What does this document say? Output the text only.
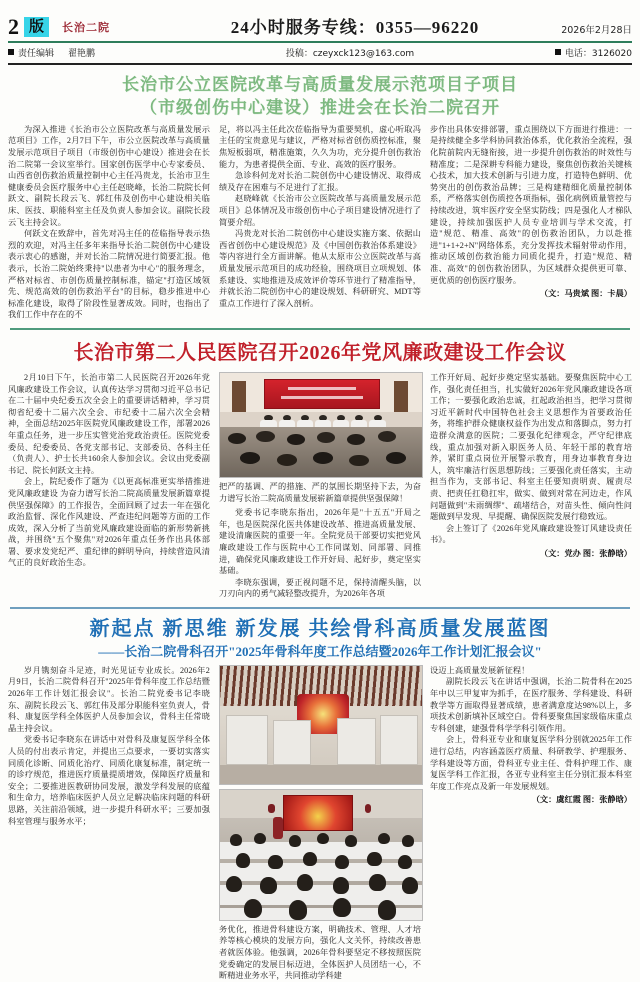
2 版	长治二院	24小时服务专线：0355—96220	2026年2月28日
责任编辑 翟艳鹏	投稿：czeyxck123@163.com	电话：3126020
长治市公立医院改革与高质量发展示范项目子项目
（市级创伤中心建设）推进会在长治二院召开

为深入推进《长治市公立医院改革与高质量发展示范项目》工作，2月7日下午，市公立医院改革与高质量发展示范项目子项目（市级创伤中心建设）推进会在长治二院第一会议室举行。国家创伤医学中心专家委员、山西省创伤救治质量控制中心主任冯贵龙，长治市卫生健康委员会医疗服务中心主任赵晓峰，长治二院院长何跃文、副院长段云飞、郭红伟及创伤中心建设相关临床、医技、职能科室主任及负责人参加会议。副院长段云飞主持会议。

何跃文在致辞中，首先对冯主任的莅临指导表示热烈的欢迎，对冯主任多年来指导长治二院创伤中心建设表示衷心的感谢，并对长治二院情况进行简要汇报。他表示，长治二院始终秉持"以患者为中心"的服务理念，严格对标省、市创伤质量控制标准，锚定"打造区域领先、规范高效的创伤救治平台"的目标，稳步推进中心标准化建设，取得了阶段性显著成效。同时，也指出了我们工作中存在的不

足，将以冯主任此次莅临指导为重要契机，虚心听取冯主任的宝贵意见与建议，严格对标省创伤质控标准，聚焦短板弱项，精准施策，久久为功，充分提升创伤救治能力，为患者提供全面、专业、高效的医疗服务。

急诊科何龙对长治二院创伤中心建设情况、取得成绩及存在困难与不足进行了汇报。

赵晓峰就《长治市公立医院改革与高质量发展示范项目》总体情况及市级创伤中心子项目建设情况进行了简要介绍。

冯贵龙对长治二院创伤中心建设实施方案、依据山西省创伤中心建设规范》及《中国创伤救治体系建设》等内容进行全方面讲解。他从太原市公立医院改革与高质量发展示范项目的成功经验，围绕项目立项规划、体系建设、实地推进及成效评价等环节进行了精准指导，并就长治二院创伤中心的建设规划、科研研究、MDT等重点工作进行了深入剖析。

步作出具体安排部署，重点围绕以下方面进行推进：一是持续健全多学科协同救治体系，优化救治全流程，强化院前院内无缝衔接，进一步提升创伤救治的时效性与精准度；二是深耕专科能力建设，聚焦创伤救治关键核心技术，加大技术创新与引进力度，打造特色鲜明、优势突出的创伤救治品牌；三是构建精细化质量控制体系，严格落实创伤质控各项指标，强化病例质量管控与持续改进，筑牢医疗安全坚实防线；四是强化人才梯队建设，持续加强医护人员专业培训与学术交流，打造"规范、精准、高效"的创伤救治团队，力以赴推进"1+1+2+N"网络体系，充分发挥技术辐射带动作用，推动区域创伤救治能力同质化提升，打造"规范、精准、高效"的创伤救治团队，为区域群众提供更可靠、更优质的创伤医疗服务。

（文：马贵斌 图：卡晨）
长治市第二人民医院召开2026年党风廉政建设工作会议

2月10日下午，长治市第二人民医院召开2026年党风廉政建设工作会议，认真传达学习贯彻习近平总书记在二十届中央纪委五次全会上的重要讲话精神，学习贯彻省纪委十二届六次全会、市纪委十二届六次全会精神，全面总结2025年医院党风廉政建设工作，部署2026年重点任务，进一步压实管党治党政治责任。医院党委委员、纪委委员、各党支部书记、支部委员、各科主任（负责人）、护士长共160余人参加会议。会议由党委副书记、院长何跃文主持。

会上，院纪委作了题为《以更高标准更实举措推进党风廉政建设 为奋力谱写长治二院高质量发展新篇章提供坚强保障》的工作报告，全面回顾了过去一年在强化政治监督、深化作风建设、严查违纪问题等方面的工作成效，深入分析了当前党风廉政建设面临的新形势新挑战，并围绕"五个聚焦"对2026年重点任务作出具体部署、要求发党纪严、重纪律的鲜明导向，持续营造风清气正的良好政治生态。

把严的基调、严的措施、严的氛围长期坚持下去，为奋力谱写长治二院高质量发展崭新篇章提供坚强保障！

党委书记李晓东指出，2026年是"十五五"开局之年，也是医院深化医共体建设改革、推进高质量发展、建设清廉医院的重要一年。全院党员干部要切实把党风廉政建设工作与医院中心工作同谋划、同部署、同推进，确保党风廉政建设工作开好局、起好步，奠定坚实基础。

李晓东强调，要正视问题不足，保持清醒头脑，以刀刃向内的勇气减轻整改提升，为2026年各项

工作开好局、起好步奠定坚实基础。要聚焦医院中心工作，强化责任担当，扎实做好2026年党风廉政建设各项工作；一要强化政治忠诚，扛起政治担当，把学习贯彻习近平新时代中国特色社会主义思想作为首要政治任务，将维护群众健康权益作为出发点和落脚点，努力打造群众满意的医院；二要强化纪律观念，严守纪律底线，重点加强对新入职医务人员、年轻干部的教育培养，紧盯重点岗位开展警示教育，用身边事教育身边人，筑牢廉洁行医思想防线；三要强化责任落实，主动担当作为，支部书记、科室主任要知责明责、履责尽责、把责任扛稳扛牢，做实、做到对常在河边走，作风问题做到"未雨绸缪"、疏堵结合，对苗头性、倾向性问题做到早发现、早提醒、确保医院发展行稳致远。

会上签订了《2026年党风廉政建设签订风建设责任书》。

（文：党办 图：张静晗）
新起点 新思维 新发展 共绘骨科高质量发展蓝图
——长治二院骨科召开"2025年骨科年度工作总结暨2026年工作计划汇报会议"

岁月镌刻奋斗足迹，时光见证专业成长。2026年2月9日，长治二院骨科召开"2025年骨科年度工作总结暨2026年工作计划汇报会议"。长治二院党委书记李晓东、副院长段云飞、郭红伟及部分职能科室负责人，骨科、康复医学科全体医护人员参加会议，骨科主任常晓晶主持会议。

党委书记李晓东在讲话中对骨科及康复医学科全体人员的付出表示肯定，并提出三点要求，一要切实落实同质化诊断、同质化治疗、同质化康复标准，制定统一的诊疗规范，推进医疗质量提质增效，保障医疗质量和安全；二要推进医教研协同发展，激发学科发展的底蕴和生命力，培养临床医护人员立足解决临床问题的科研思路，关注前沿领域，进一步提升科研水平；三要加强科室管理与服务水平；

务优化，推进骨科建设方案，明确技术、管理、人才培养等核心模块的发展方向，强化人文关怀，持续改善患者就医体验。他强调，2026年骨科要坚定不移按照医院党委确定的发展目标迈进，全体医护人员团结一心，不断精进业务水平，共同推动学科建

设迈上高质量发展新征程！

副院长段云飞在讲话中强调，长治二院骨科在2025年中以三甲复审为抓手，在医疗服务、学科建设、科研教学等方面取得显著成绩，患者满意度达98%以上，多项技术创新填补区域空白。骨科要聚焦国家级临床重点专科创建，建强骨科学学科引领作用。

会上，骨科亚专业和康复医学科分别就2025年工作进行总结，内容涵盖医疗质量、科研教学、护理服务、学科建设等方面，骨科亚专业主任、骨科护理工作、康复医学科工作汇报，各亚专业科室主任分别汇报本科室年度工作亮点及新一年发展规划。

（文：虞红霞 图：张静晗）
